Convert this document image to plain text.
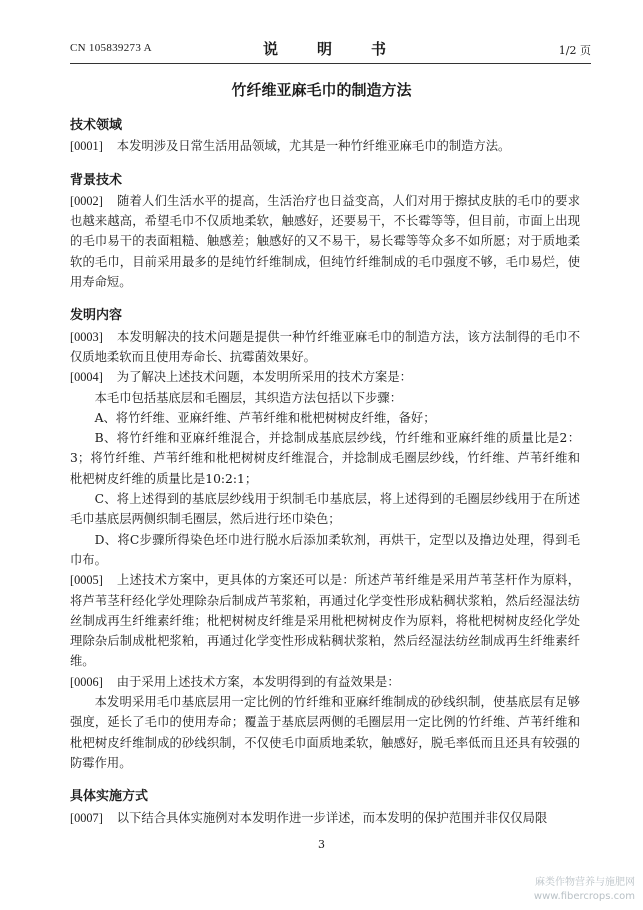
CN 105839273 A	说　明　书	1/2 页
竹纤维亚麻毛巾的制造方法

技术领域

[0001] 本发明涉及日常生活用品领域，尤其是一种竹纤维亚麻毛巾的制造方法。

背景技术

[0002] 随着人们生活水平的提高，生活治疗也日益变高，人们对用于擦拭皮肤的毛巾的要求也越来越高，希望毛巾不仅质地柔软，触感好，还要易干，不长霉等等，但目前，市面上出现的毛巾易干的表面粗糙、触感差；触感好的又不易干，易长霉等等众多不如所愿；对于质地柔软的毛巾，目前采用最多的是纯竹纤维制成，但纯竹纤维制成的毛巾强度不够，毛巾易烂，使用寿命短。

发明内容

[0003] 本发明解决的技术问题是提供一种竹纤维亚麻毛巾的制造方法，该方法制得的毛巾不仅质地柔软而且使用寿命长、抗霉菌效果好。

[0004] 为了解决上述技术问题，本发明所采用的技术方案是：

本毛巾包括基底层和毛圈层，其织造方法包括以下步骤：

A、将竹纤维、亚麻纤维、芦苇纤维和枇杷树树皮纤维，备好；

B、将竹纤维和亚麻纤维混合，并捻制成基底层纱线，竹纤维和亚麻纤维的质量比是2：3；将竹纤维、芦苇纤维和枇杷树树皮纤维混合，并捻制成毛圈层纱线，竹纤维、芦苇纤维和枇杷树皮纤维的质量比是10:2:1；

C、将上述得到的基底层纱线用于织制毛巾基底层，将上述得到的毛圈层纱线用于在所述毛巾基底层两侧织制毛圈层，然后进行坯巾染色；

D、将C步骤所得染色坯巾进行脱水后添加柔软剂，再烘干，定型以及撸边处理，得到毛巾布。

[0005] 上述技术方案中，更具体的方案还可以是：所述芦苇纤维是采用芦苇茎杆作为原料，将芦苇茎秆经化学处理除杂后制成芦苇浆粕，再通过化学变性形成粘稠状浆粕，然后经湿法纺丝制成再生纤维素纤维；枇杷树树皮纤维是采用枇杷树树皮作为原料，将枇杷树树皮经化学处理除杂后制成枇杷浆粕，再通过化学变性形成粘稠状浆粕，然后经湿法纺丝制成再生纤维素纤维。

[0006] 由于采用上述技术方案，本发明得到的有益效果是：

本发明采用毛巾基底层用一定比例的竹纤维和亚麻纤维制成的砂线织制，使基底层有足够强度，延长了毛巾的使用寿命；覆盖于基底层两侧的毛圈层用一定比例的竹纤维、芦苇纤维和枇杷树皮纤维制成的砂线织制，不仅使毛巾面质地柔软，触感好，脱毛率低而且还具有较强的防霉作用。

具体实施方式

[0007] 以下结合具体实施例对本发明作进一步详述，而本发明的保护范围并非仅仅局限

3
麻类作物营养与施肥网
www.fibercrops.com
